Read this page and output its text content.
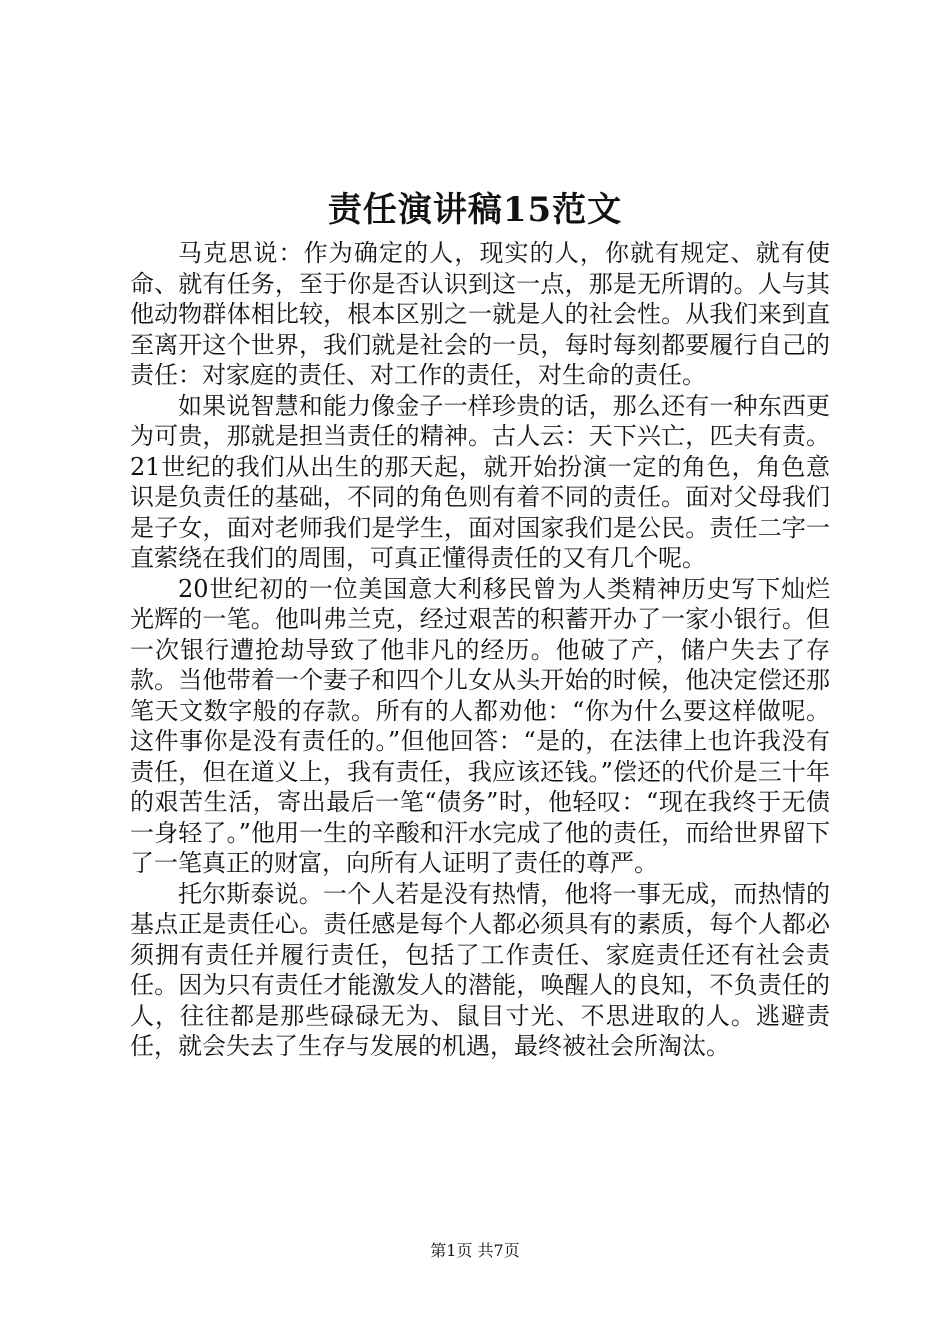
责任演讲稿15范文

马克思说：作为确定的人，现实的人，你就有规定、就有使命、就有任务，至于你是否认识到这一点，那是无所谓的。人与其他动物群体相比较，根本区别之一就是人的社会性。从我们来到直至离开这个世界，我们就是社会的一员，每时每刻都要履行自己的责任：对家庭的责任、对工作的责任，对生命的责任。

如果说智慧和能力像金子一样珍贵的话，那么还有一种东西更为可贵，那就是担当责任的精神。古人云：天下兴亡，匹夫有责。21世纪的我们从出生的那天起，就开始扮演一定的角色，角色意识是负责任的基础，不同的角色则有着不同的责任。面对父母我们是子女，面对老师我们是学生，面对国家我们是公民。责任二字一直萦绕在我们的周围，可真正懂得责任的又有几个呢。

20世纪初的一位美国意大利移民曾为人类精神历史写下灿烂光辉的一笔。他叫弗兰克，经过艰苦的积蓄开办了一家小银行。但一次银行遭抢劫导致了他非凡的经历。他破了产，储户失去了存款。当他带着一个妻子和四个儿女从头开始的时候，他决定偿还那笔天文数字般的存款。所有的人都劝他：“你为什么要这样做呢。这件事你是没有责任的。”但他回答：“是的，在法律上也许我没有责任，但在道义上，我有责任，我应该还钱。”偿还的代价是三十年的艰苦生活，寄出最后一笔“债务”时，他轻叹：“现在我终于无债一身轻了。”他用一生的辛酸和汗水完成了他的责任，而给世界留下了一笔真正的财富，向所有人证明了责任的尊严。

托尔斯泰说。一个人若是没有热情，他将一事无成，而热情的基点正是责任心。责任感是每个人都必须具有的素质，每个人都必须拥有责任并履行责任，包括了工作责任、家庭责任还有社会责任。因为只有责任才能激发人的潜能，唤醒人的良知，不负责任的人，往往都是那些碌碌无为、鼠目寸光、不思进取的人。逃避责任，就会失去了生存与发展的机遇，最终被社会所淘汰。

第1页 共7页
